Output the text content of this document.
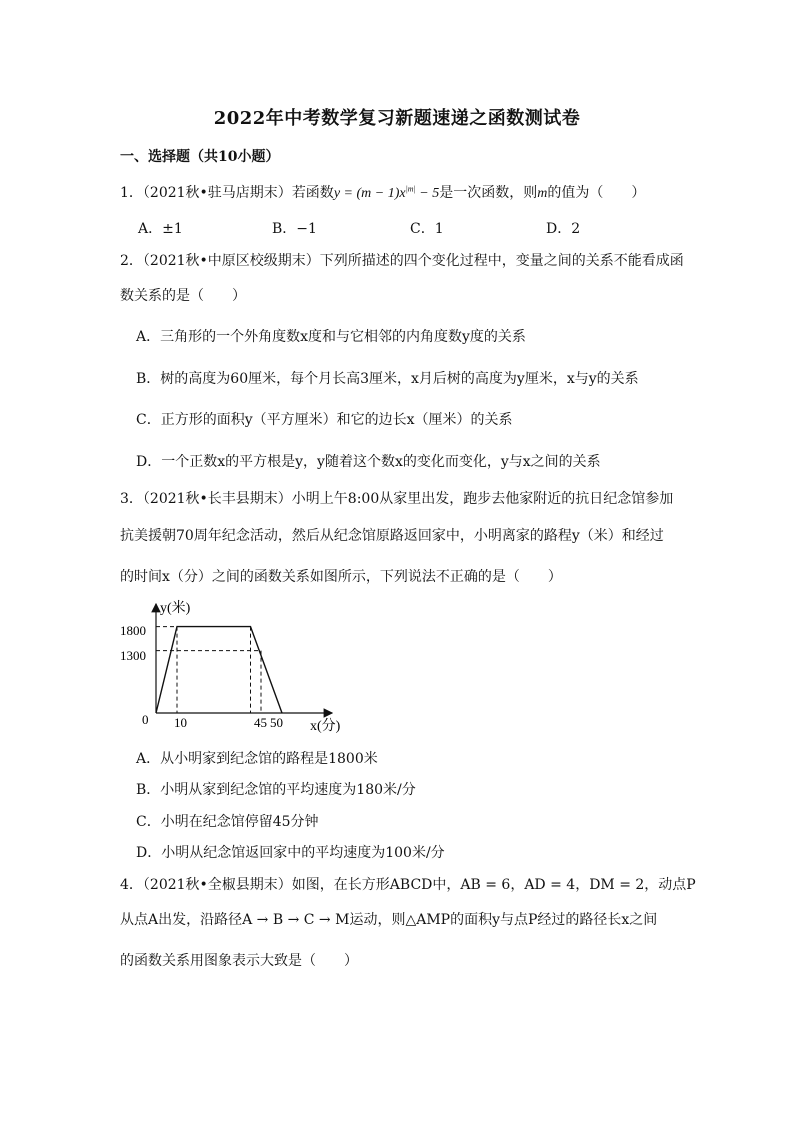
2022年中考数学复习新题速递之函数测试卷
一、选择题（共10小题）
1．（2021秋•驻马店期末）若函数$y = (m - 1)x^{|m|} - 5$是一次函数，则m的值为（　　）
A．±1	B．−1	C．1	D．2
2．（2021秋•中原区校级期末）下列所描述的四个变化过程中，变量之间的关系不能看成函
数关系的是（　　）
A．三角形的一个外角度数x度和与它相邻的内角度数y度的关系
B．树的高度为60厘米，每个月长高3厘米，x月后树的高度为y厘米，x与y的关系
C．正方形的面积y（平方厘米）和它的边长x（厘米）的关系
D．一个正数x的平方根是y，y随着这个数x的变化而变化，y与x之间的关系
3．（2021秋•长丰县期末）小明上午8:00从家里出发，跑步去他家附近的抗日纪念馆参加
抗美援朝70周年纪念活动，然后从纪念馆原路返回家中，小明离家的路程y（米）和经过
的时间x（分）之间的函数关系如图所示，下列说法不正确的是（　　）
y(米)
x(分)
0
1800
1300
10	45 50
A．从小明家到纪念馆的路程是1800米
B．小明从家到纪念馆的平均速度为180米/分
C．小明在纪念馆停留45分钟
D．小明从纪念馆返回家中的平均速度为100米/分
4．（2021秋•全椒县期末）如图，在长方形ABCD中，AB = 6，AD = 4，DM = 2，动点P
从点A出发，沿路径A → B → C → M运动，则△AMP的面积y与点P经过的路径长x之间
的函数关系用图象表示大致是（　　）
